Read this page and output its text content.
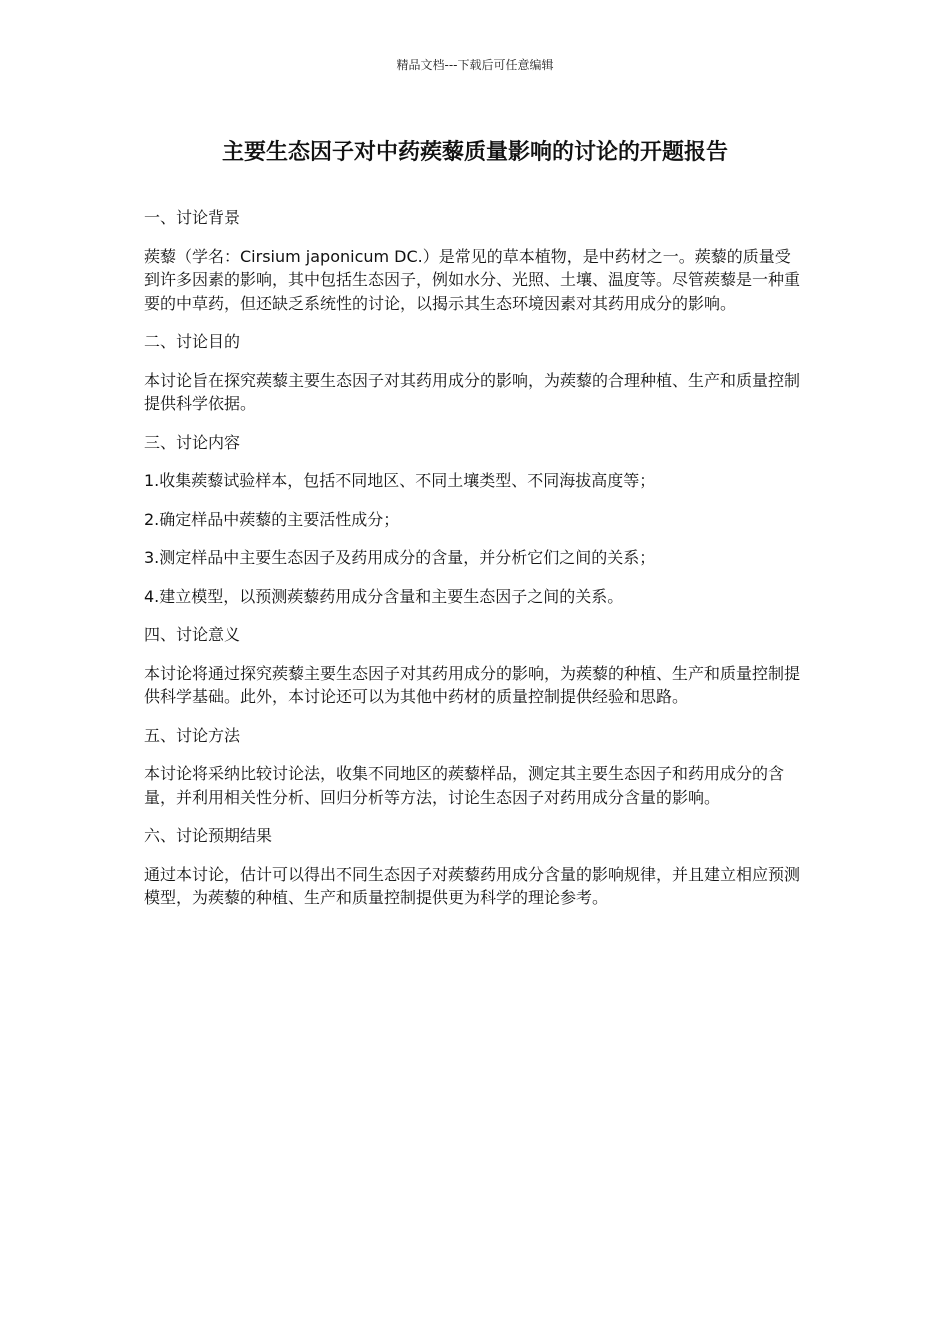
精品文档---下载后可任意编辑
主要生态因子对中药蒺藜质量影响的讨论的开题报告

一、讨论背景

蒺藜（学名：Cirsium japonicum DC.）是常见的草本植物，是中药材之一。蒺藜的质量受到许多因素的影响，其中包括生态因子，例如水分、光照、土壤、温度等。尽管蒺藜是一种重要的中草药，但还缺乏系统性的讨论，以揭示其生态环境因素对其药用成分的影响。

二、讨论目的

本讨论旨在探究蒺藜主要生态因子对其药用成分的影响，为蒺藜的合理种植、生产和质量控制提供科学依据。

三、讨论内容

1.收集蒺藜试验样本，包括不同地区、不同土壤类型、不同海拔高度等；

2.确定样品中蒺藜的主要活性成分；

3.测定样品中主要生态因子及药用成分的含量，并分析它们之间的关系；

4.建立模型，以预测蒺藜药用成分含量和主要生态因子之间的关系。

四、讨论意义

本讨论将通过探究蒺藜主要生态因子对其药用成分的影响，为蒺藜的种植、生产和质量控制提供科学基础。此外，本讨论还可以为其他中药材的质量控制提供经验和思路。

五、讨论方法

本讨论将采纳比较讨论法，收集不同地区的蒺藜样品，测定其主要生态因子和药用成分的含量，并利用相关性分析、回归分析等方法，讨论生态因子对药用成分含量的影响。

六、讨论预期结果

通过本讨论，估计可以得出不同生态因子对蒺藜药用成分含量的影响规律，并且建立相应预测模型，为蒺藜的种植、生产和质量控制提供更为科学的理论参考。
